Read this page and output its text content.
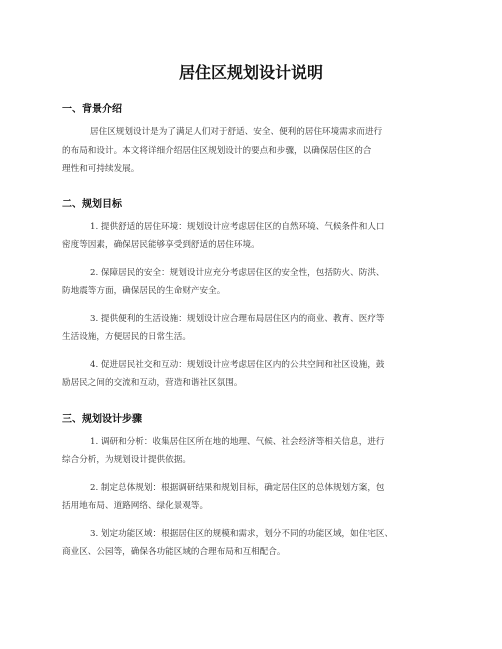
居住区规划设计说明
一、背景介绍

居住区规划设计是为了满足人们对于舒适、安全、便利的居住环境需求而进行

的布局和设计。本文将详细介绍居住区规划设计的要点和步骤，以确保居住区的合

理性和可持续发展。

二、规划目标

1. 提供舒适的居住环境：规划设计应考虑居住区的自然环境、气候条件和人口

密度等因素，确保居民能够享受到舒适的居住环境。

2. 保障居民的安全：规划设计应充分考虑居住区的安全性，包括防火、防洪、

防地震等方面，确保居民的生命财产安全。

3. 提供便利的生活设施：规划设计应合理布局居住区内的商业、教育、医疗等

生活设施，方便居民的日常生活。

4. 促进居民社交和互动：规划设计应考虑居住区内的公共空间和社区设施，鼓

励居民之间的交流和互动，营造和谐社区氛围。

三、规划设计步骤

1. 调研和分析：收集居住区所在地的地理、气候、社会经济等相关信息，进行

综合分析，为规划设计提供依据。

2. 制定总体规划：根据调研结果和规划目标，确定居住区的总体规划方案，包

括用地布局、道路网络、绿化景观等。

3. 划定功能区域：根据居住区的规模和需求，划分不同的功能区域，如住宅区、

商业区、公园等，确保各功能区域的合理布局和互相配合。
